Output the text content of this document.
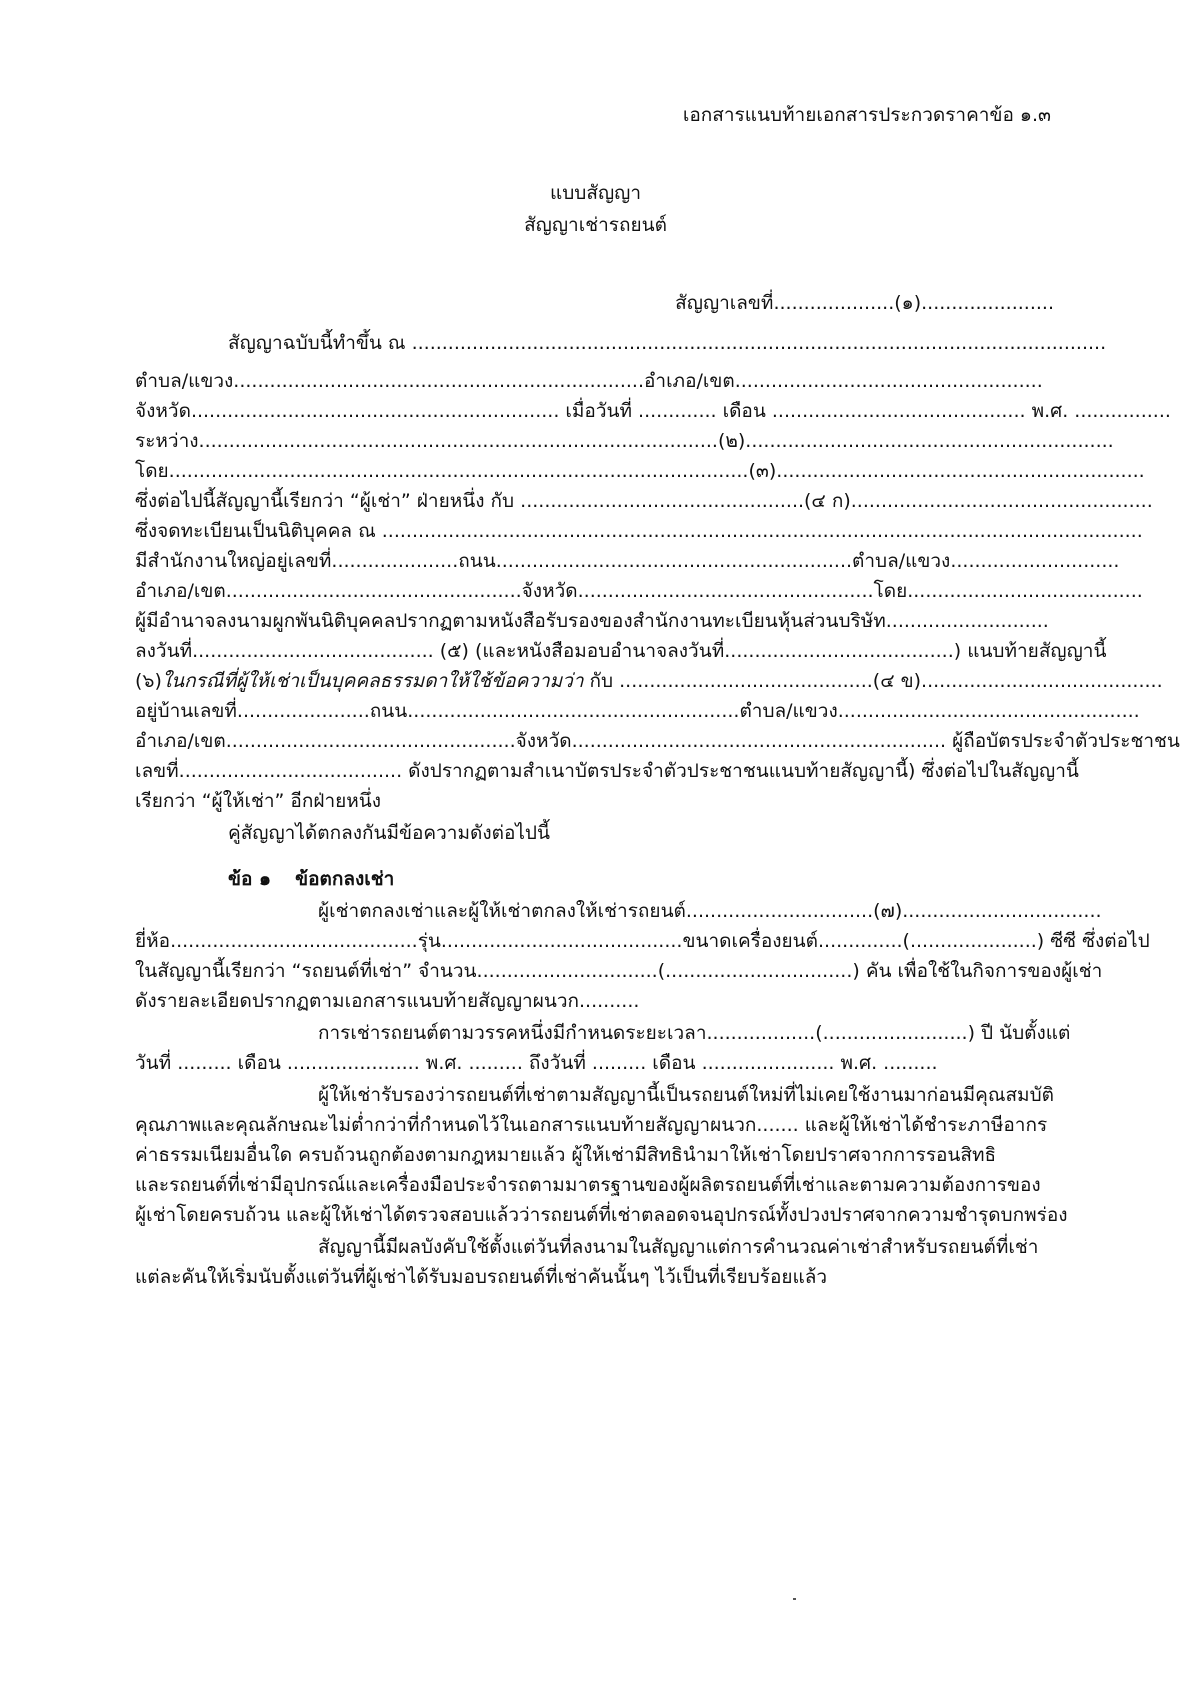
เอกสารแนบท้ายเอกสารประกวดราคาข้อ ๑.๓
แบบสัญญา
สัญญาเช่ารถยนต์
สัญญาเลขที่....................(๑)......................
สัญญาฉบับนี้ทำขึ้น ณ ...................................................................................................................
ตำบล/แขวง....................................................................อำเภอ/เขต...................................................
จังหวัด............................................................. เมื่อวันที่ ............. เดือน .......................................... พ.ศ. ................
ระหว่าง......................................................................................(๒).............................................................
โดย................................................................................................(๓).............................................................
ซึ่งต่อไปนี้สัญญานี้เรียกว่า “ผู้เช่า” ฝ่ายหนึ่ง กับ ...............................................(๔ ก)..................................................
ซึ่งจดทะเบียนเป็นนิติบุคคล ณ ..............................................................................................................................
มีสำนักงานใหญ่อยู่เลขที่.....................ถนน...........................................................ตำบล/แขวง............................
อำเภอ/เขต.................................................จังหวัด.................................................โดย.......................................
ผู้มีอำนาจลงนามผูกพันนิติบุคคลปรากฏตามหนังสือรับรองของสำนักงานทะเบียนหุ้นส่วนบริษัท...........................
ลงวันที่........................................ (๕) (และหนังสือมอบอำนาจลงวันที่......................................) แนบท้ายสัญญานี้
(๖)ในกรณีที่ผู้ให้เช่าเป็นบุคคลธรรมดาให้ใช้ข้อความว่า กับ ..........................................(๔ ข)........................................
อยู่บ้านเลขที่......................ถนน.......................................................ตำบล/แขวง..................................................
อำเภอ/เขต................................................จังหวัด.............................................................. ผู้ถือบัตรประจำตัวประชาชน
เลขที่..................................... ดังปรากฏตามสำเนาบัตรประจำตัวประชาชนแนบท้ายสัญญานี้) ซึ่งต่อไปในสัญญานี้
เรียกว่า “ผู้ให้เช่า” อีกฝ่ายหนึ่ง
คู่สัญญาได้ตกลงกันมีข้อความดังต่อไปนี้
ข้อ ๑ ข้อตกลงเช่า
ผู้เช่าตกลงเช่าและผู้ให้เช่าตกลงให้เช่ารถยนต์...............................(๗).................................
ยี่ห้อ.........................................รุ่น........................................ขนาดเครื่องยนต์..............(.....................) ซีซี ซึ่งต่อไป
ในสัญญานี้เรียกว่า “รถยนต์ที่เช่า” จำนวน..............................(...............................) คัน เพื่อใช้ในกิจการของผู้เช่า
ดังรายละเอียดปรากฏตามเอกสารแนบท้ายสัญญาผนวก..........
การเช่ารถยนต์ตามวรรคหนึ่งมีกำหนดระยะเวลา..................(........................) ปี นับตั้งแต่
วันที่ ......... เดือน ...................... พ.ศ. ......... ถึงวันที่ ......... เดือน ...................... พ.ศ. .........
ผู้ให้เช่ารับรองว่ารถยนต์ที่เช่าตามสัญญานี้เป็นรถยนต์ใหม่ที่ไม่เคยใช้งานมาก่อนมีคุณสมบัติ
คุณภาพและคุณลักษณะไม่ต่ำกว่าที่กำหนดไว้ในเอกสารแนบท้ายสัญญาผนวก....... และผู้ให้เช่าได้ชำระภาษีอากร
ค่าธรรมเนียมอื่นใด ครบถ้วนถูกต้องตามกฎหมายแล้ว ผู้ให้เช่ามีสิทธินำมาให้เช่าโดยปราศจากการรอนสิทธิ
และรถยนต์ที่เช่ามีอุปกรณ์และเครื่องมือประจำรถตามมาตรฐานของผู้ผลิตรถยนต์ที่เช่าและตามความต้องการของ
ผู้เช่าโดยครบถ้วน และผู้ให้เช่าได้ตรวจสอบแล้วว่ารถยนต์ที่เช่าตลอดจนอุปกรณ์ทั้งปวงปราศจากความชำรุดบกพร่อง
สัญญานี้มีผลบังคับใช้ตั้งแต่วันที่ลงนามในสัญญาแต่การคำนวณค่าเช่าสำหรับรถยนต์ที่เช่า
แต่ละคันให้เริ่มนับตั้งแต่วันที่ผู้เช่าได้รับมอบรถยนต์ที่เช่าคันนั้นๆ ไว้เป็นที่เรียบร้อยแล้ว
